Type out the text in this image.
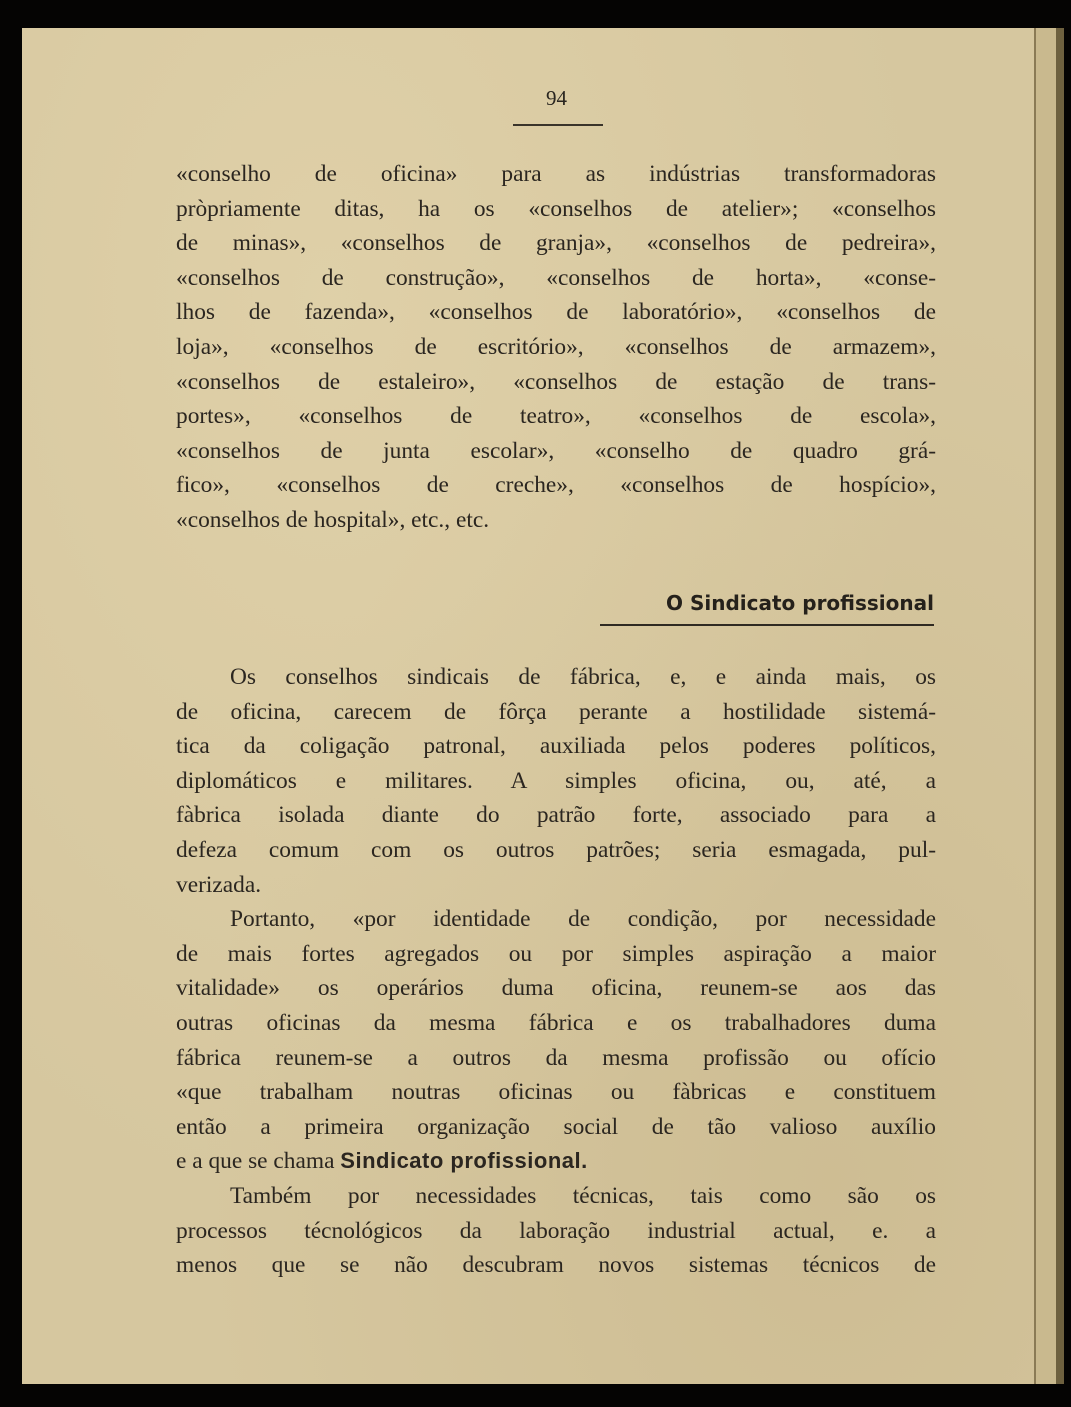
94
«conselho de oficina» para as indústrias transformadoras
pròpriamente ditas, ha os «conselhos de atelier»; «conselhos
de minas», «conselhos de granja», «conselhos de pedreira»,
«conselhos de construção», «conselhos de horta», «conse-
lhos de fazenda», «conselhos de laboratório», «conselhos de
loja», «conselhos de escritório», «conselhos de armazem»,
«conselhos de estaleiro», «conselhos de estação de trans-
portes», «conselhos de teatro», «conselhos de escola»,
«conselhos de junta escolar», «conselho de quadro grá-
fico», «conselhos de creche», «conselhos de hospício»,
«conselhos de hospital», etc., etc.
O Sindicato profissional
Os conselhos sindicais de fábrica, e, e ainda mais, os
de oficina, carecem de fôrça perante a hostilidade sistemá-
tica da coligação patronal, auxiliada pelos poderes políticos,
diplomáticos e militares. A simples oficina, ou, até, a
fàbrica isolada diante do patrão forte, associado para a
defeza comum com os outros patrões; seria esmagada, pul-
verizada.
Portanto, «por identidade de condição, por necessidade
de mais fortes agregados ou por simples aspiração a maior
vitalidade» os operários duma oficina, reunem-se aos das
outras oficinas da mesma fábrica e os trabalhadores duma
fábrica reunem-se a outros da mesma profissão ou ofício
«que trabalham noutras oficinas ou fàbricas e constituem
então a primeira organização social de tão valioso auxílio
e a que se chama Sindicato profissional.
Também por necessidades técnicas, tais como são os
processos técnológicos da laboração industrial actual, e. a
menos que se não descubram novos sistemas técnicos de
